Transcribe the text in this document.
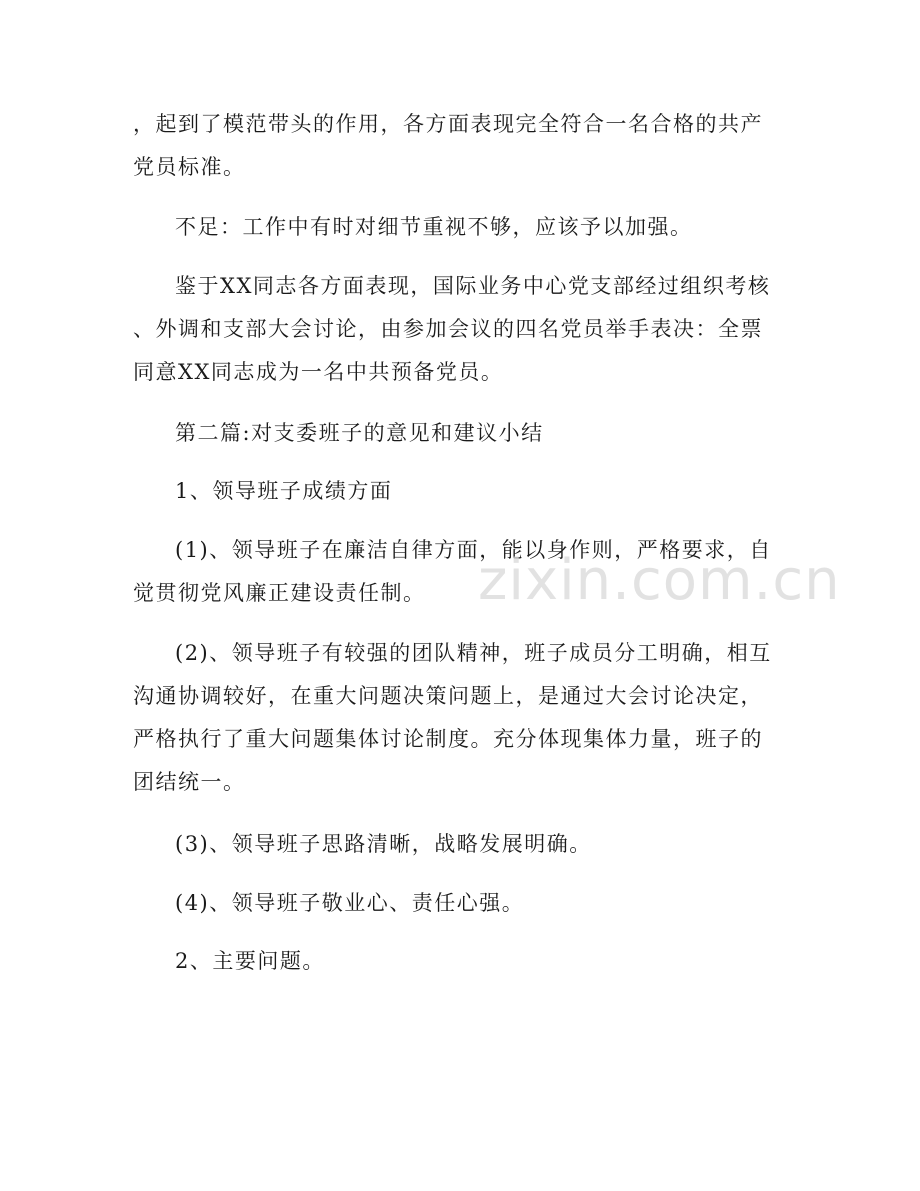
，起到了模范带头的作用，各方面表现完全符合一名合格的共产
党员标准。
不足：工作中有时对细节重视不够，应该予以加强。
鉴于XX同志各方面表现，国际业务中心党支部经过组织考核
、外调和支部大会讨论，由参加会议的四名党员举手表决：全票
同意XX同志成为一名中共预备党员。
第二篇:对支委班子的意见和建议小结
1、领导班子成绩方面
(1)、领导班子在廉洁自律方面，能以身作则，严格要求，自
觉贯彻党风廉正建设责任制。
(2)、领导班子有较强的团队精神，班子成员分工明确，相互
沟通协调较好，在重大问题决策问题上，是通过大会讨论决定，
严格执行了重大问题集体讨论制度。充分体现集体力量，班子的
团结统一。
(3)、领导班子思路清晰，战略发展明确。
(4)、领导班子敬业心、责任心强。
2、主要问题。
zixin.com.cn
